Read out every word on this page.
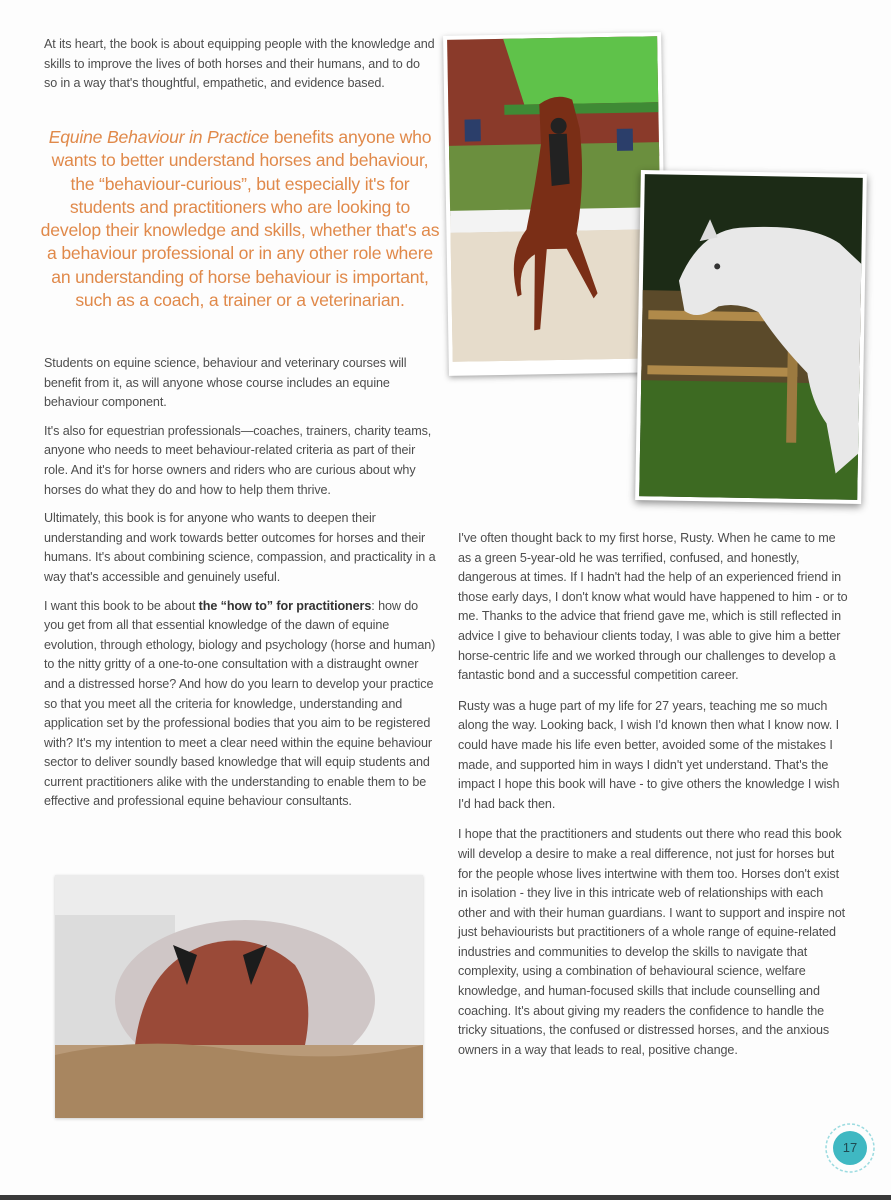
At its heart, the book is about equipping people with the knowledge and skills to improve the lives of both horses and their humans, and to do so in a way that's thoughtful, empathetic, and evidence based.

Equine Behaviour in Practice benefits anyone who wants to better understand horses and behaviour, the “behaviour-curious”, but especially it's for students and practitioners who are looking to develop their knowledge and skills, whether that's as a behaviour professional or in any other role where an understanding of horse behaviour is important, such as a coach, a trainer or a veterinarian.

Students on equine science, behaviour and veterinary courses will benefit from it, as will anyone whose course includes an equine behaviour component.

It's also for equestrian professionals—coaches, trainers, charity teams, anyone who needs to meet behaviour-related criteria as part of their role. And it's for horse owners and riders who are curious about why horses do what they do and how to help them thrive.

Ultimately, this book is for anyone who wants to deepen their understanding and work towards better outcomes for horses and their humans. It's about combining science, compassion, and practicality in a way that's accessible and genuinely useful.

I want this book to be about the “how to” for practitioners: how do you get from all that essential knowledge of the dawn of equine evolution, through ethology, biology and psychology (horse and human) to the nitty gritty of a one-to-one consultation with a distraught owner and a distressed horse? And how do you learn to develop your practice so that you meet all the criteria for knowledge, understanding and application set by the professional bodies that you aim to be registered with? It's my intention to meet a clear need within the equine behaviour sector to deliver soundly based knowledge that will equip students and current practitioners alike with the understanding to enable them to be effective and professional equine behaviour consultants.

I've often thought back to my first horse, Rusty. When he came to me as a green 5-year-old he was terrified, confused, and honestly, dangerous at times. If I hadn't had the help of an experienced friend in those early days, I don't know what would have happened to him - or to me. Thanks to the advice that friend gave me, which is still reflected in advice I give to behaviour clients today, I was able to give him a better horse-centric life and we worked through our challenges to develop a fantastic bond and a successful competition career.

Rusty was a huge part of my life for 27 years, teaching me so much along the way. Looking back, I wish I'd known then what I know now. I could have made his life even better, avoided some of the mistakes I made, and supported him in ways I didn't yet understand. That's the impact I hope this book will have - to give others the knowledge I wish I'd had back then.

I hope that the practitioners and students out there who read this book will develop a desire to make a real difference, not just for horses but for the people whose lives intertwine with them too. Horses don't exist in isolation - they live in this intricate web of relationships with each other and with their human guardians. I want to support and inspire not just behaviourists but practitioners of a whole range of equine-related industries and communities to develop the skills to navigate that complexity, using a combination of behavioural science, welfare knowledge, and human-focused skills that include counselling and coaching. It's about giving my readers the confidence to handle the tricky situations, the confused or distressed horses, and the anxious owners in a way that leads to real, positive change.

17
